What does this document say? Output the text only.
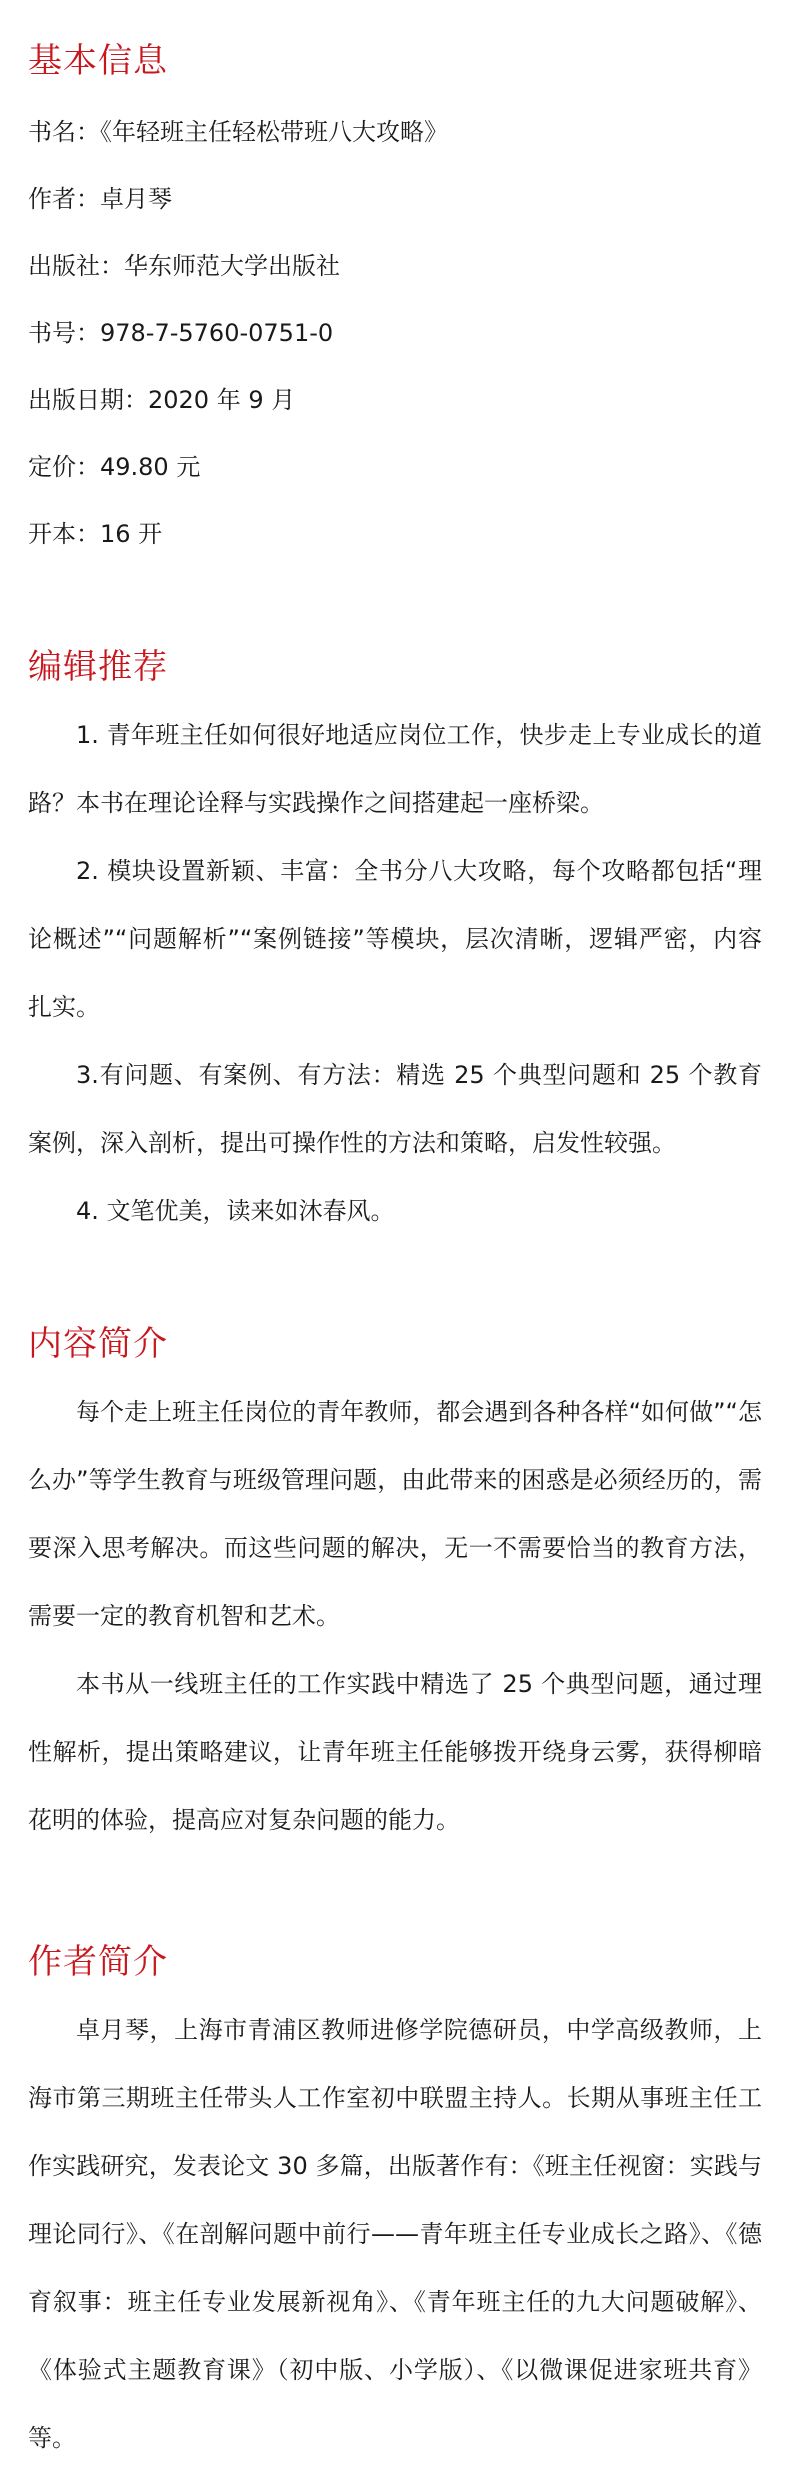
基本信息

书名：《年轻班主任轻松带班八大攻略》

作者：卓月琴

出版社：华东师范大学出版社

书号：978-7-5760-0751-0

出版日期：2020 年 9 月

定价：49.80 元

开本：16 开

编辑推荐

1. 青年班主任如何很好地适应岗位工作，快步走上专业成长的道路？本书在理论诠释与实践操作之间搭建起一座桥梁。

2. 模块设置新颖、丰富：全书分八大攻略，每个攻略都包括“理论概述”“问题解析”“案例链接”等模块，层次清晰，逻辑严密，内容扎实。

3.有问题、有案例、有方法：精选 25 个典型问题和 25 个教育案例，深入剖析，提出可操作性的方法和策略，启发性较强。

4. 文笔优美，读来如沐春风。

内容简介

每个走上班主任岗位的青年教师，都会遇到各种各样“如何做”“怎么办”等学生教育与班级管理问题，由此带来的困惑是必须经历的，需要深入思考解决。而这些问题的解决，无一不需要恰当的教育方法，需要一定的教育机智和艺术。

本书从一线班主任的工作实践中精选了 25 个典型问题，通过理性解析，提出策略建议，让青年班主任能够拨开绕身云雾，获得柳暗花明的体验，提高应对复杂问题的能力。

作者简介

卓月琴，上海市青浦区教师进修学院德研员，中学高级教师，上海市第三期班主任带头人工作室初中联盟主持人。长期从事班主任工作实践研究，发表论文 30 多篇，出版著作有：《班主任视窗：实践与理论同行》、《在剖解问题中前行——青年班主任专业成长之路》、《德育叙事：班主任专业发展新视角》、《青年班主任的九大问题破解》、《体验式主题教育课》（初中版、小学版）、《以微课促进家班共育》等。
